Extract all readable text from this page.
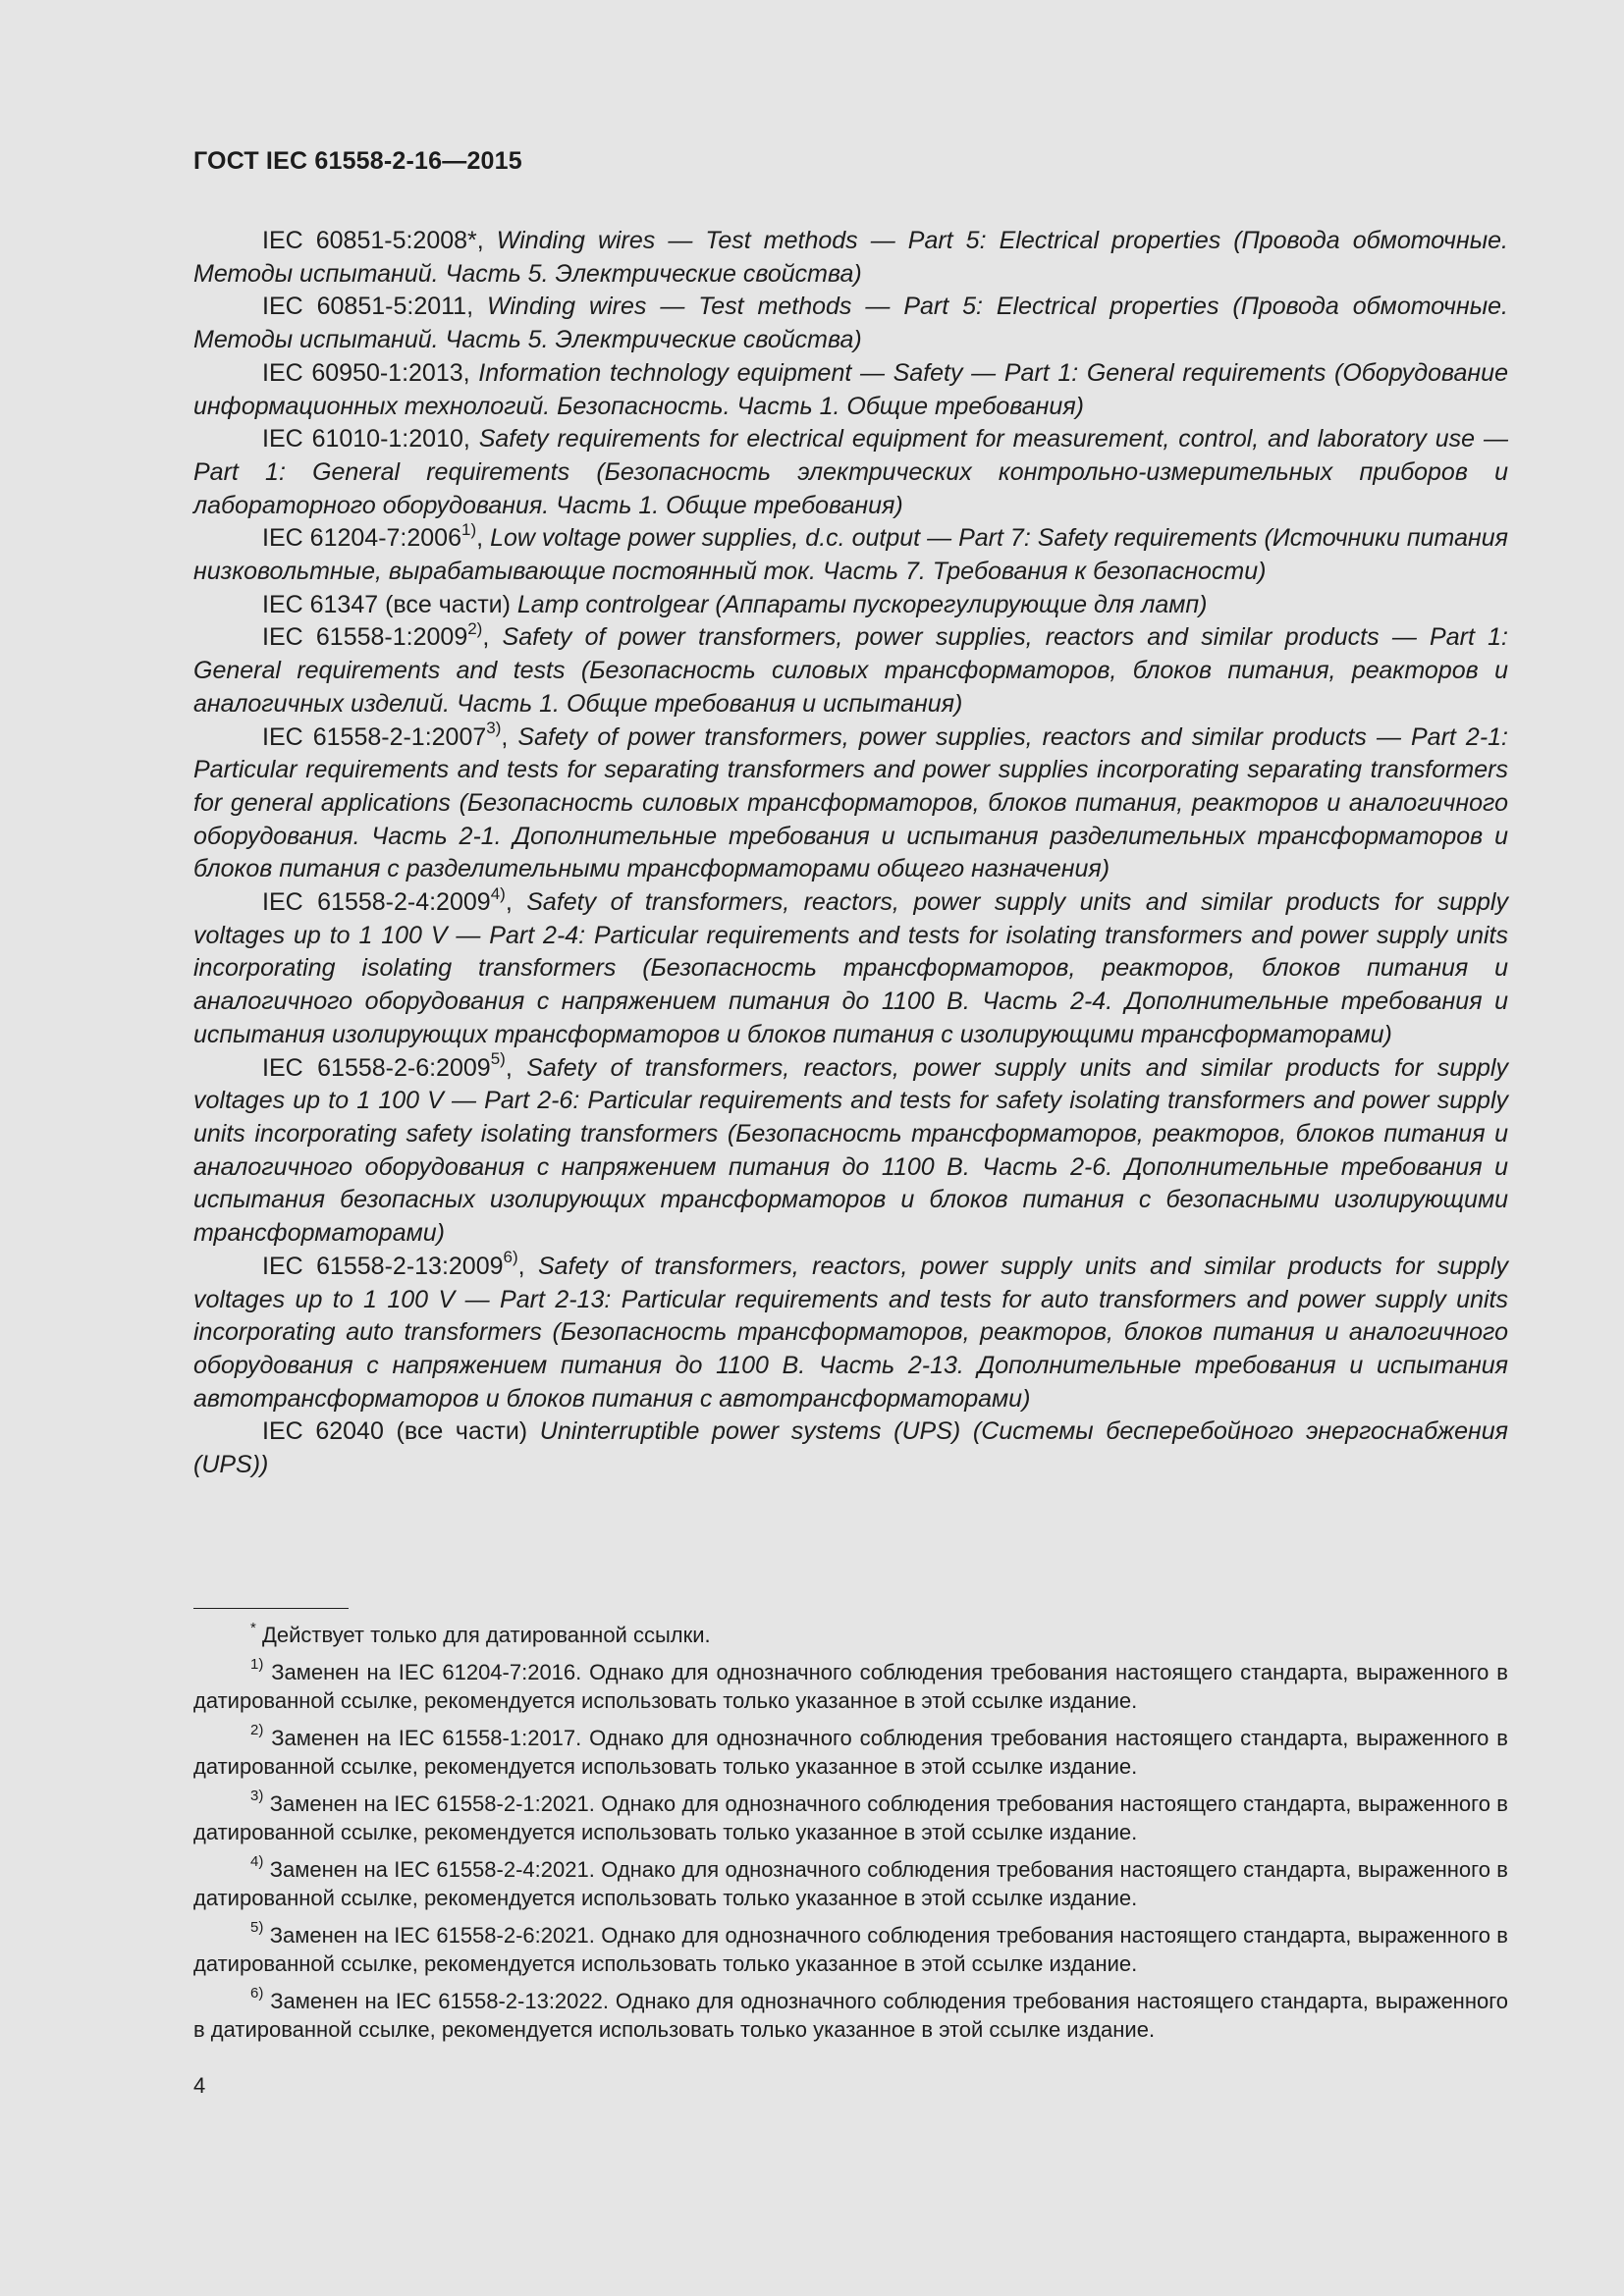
ГОСТ IEC 61558-2-16—2015

IEC 60851-5:2008*, Winding wires — Test methods — Part 5: Electrical properties (Провода обмоточные. Методы испытаний. Часть 5. Электрические свойства)

IEC 60851-5:2011, Winding wires — Test methods — Part 5: Electrical properties (Провода обмоточные. Методы испытаний. Часть 5. Электрические свойства)

IEC 60950-1:2013, Information technology equipment — Safety — Part 1: General requirements (Оборудование информационных технологий. Безопасность. Часть 1. Общие требования)

IEC 61010-1:2010, Safety requirements for electrical equipment for measurement, control, and laboratory use — Part 1: General requirements (Безопасность электрических контрольно-измерительных приборов и лабораторного оборудования. Часть 1. Общие требования)

IEC 61204-7:2006$^{1)}$, Low voltage power supplies, d.c. output — Part 7: Safety requirements (Источники питания низковольтные, вырабатывающие постоянный ток. Часть 7. Требования к безопасности)

IEC 61347 (все части) Lamp controlgear (Аппараты пускорегулирующие для ламп)

IEC 61558-1:2009$^{2)}$, Safety of power transformers, power supplies, reactors and similar products — Part 1: General requirements and tests (Безопасность силовых трансформаторов, блоков питания, реакторов и аналогичных изделий. Часть 1. Общие требования и испытания)

IEC 61558-2-1:2007$^{3)}$, Safety of power transformers, power supplies, reactors and similar products — Part 2-1: Particular requirements and tests for separating transformers and power supplies incorporating separating transformers for general applications (Безопасность силовых трансформаторов, блоков питания, реакторов и аналогичного оборудования. Часть 2-1. Дополнительные требования и испытания разделительных трансформаторов и блоков питания с разделительными трансформаторами общего назначения)

IEC 61558-2-4:2009$^{4)}$, Safety of transformers, reactors, power supply units and similar products for supply voltages up to 1 100 V — Part 2-4: Particular requirements and tests for isolating transformers and power supply units incorporating isolating transformers (Безопасность трансформаторов, реакторов, блоков питания и аналогичного оборудования с напряжением питания до 1100 В. Часть 2-4. Дополнительные требования и испытания изолирующих трансформаторов и блоков питания с изолирующими трансформаторами)

IEC 61558-2-6:2009$^{5)}$, Safety of transformers, reactors, power supply units and similar products for supply voltages up to 1 100 V — Part 2-6: Particular requirements and tests for safety isolating transformers and power supply units incorporating safety isolating transformers (Безопасность трансформаторов, реакторов, блоков питания и аналогичного оборудования с напряжением питания до 1100 В. Часть 2-6. Дополнительные требования и испытания безопасных изолирующих трансформаторов и блоков питания с безопасными изолирующими трансформаторами)

IEC 61558-2-13:2009$^{6)}$, Safety of transformers, reactors, power supply units and similar products for supply voltages up to 1 100 V — Part 2-13: Particular requirements and tests for auto transformers and power supply units incorporating auto transformers (Безопасность трансформаторов, реакторов, блоков питания и аналогичного оборудования с напряжением питания до 1100 В. Часть 2-13. Дополнительные требования и испытания автотрансформаторов и блоков питания с автотрансформаторами)

IEC 62040 (все части) Uninterruptible power systems (UPS) (Системы бесперебойного энергоснабжения (UPS))

* Действует только для датированной ссылки.

$^{1)}$ Заменен на IEC 61204-7:2016. Однако для однозначного соблюдения требования настоящего стандарта, выраженного в датированной ссылке, рекомендуется использовать только указанное в этой ссылке издание.

$^{2)}$ Заменен на IEC 61558-1:2017. Однако для однозначного соблюдения требования настоящего стандарта, выраженного в датированной ссылке, рекомендуется использовать только указанное в этой ссылке издание.

$^{3)}$ Заменен на IEC 61558-2-1:2021. Однако для однозначного соблюдения требования настоящего стандарта, выраженного в датированной ссылке, рекомендуется использовать только указанное в этой ссылке издание.

$^{4)}$ Заменен на IEC 61558-2-4:2021. Однако для однозначного соблюдения требования настоящего стандарта, выраженного в датированной ссылке, рекомендуется использовать только указанное в этой ссылке издание.

$^{5)}$ Заменен на IEC 61558-2-6:2021. Однако для однозначного соблюдения требования настоящего стандарта, выраженного в датированной ссылке, рекомендуется использовать только указанное в этой ссылке издание.

$^{6)}$ Заменен на IEC 61558-2-13:2022. Однако для однозначного соблюдения требования настоящего стандарта, выраженного в датированной ссылке, рекомендуется использовать только указанное в этой ссылке издание.

4
